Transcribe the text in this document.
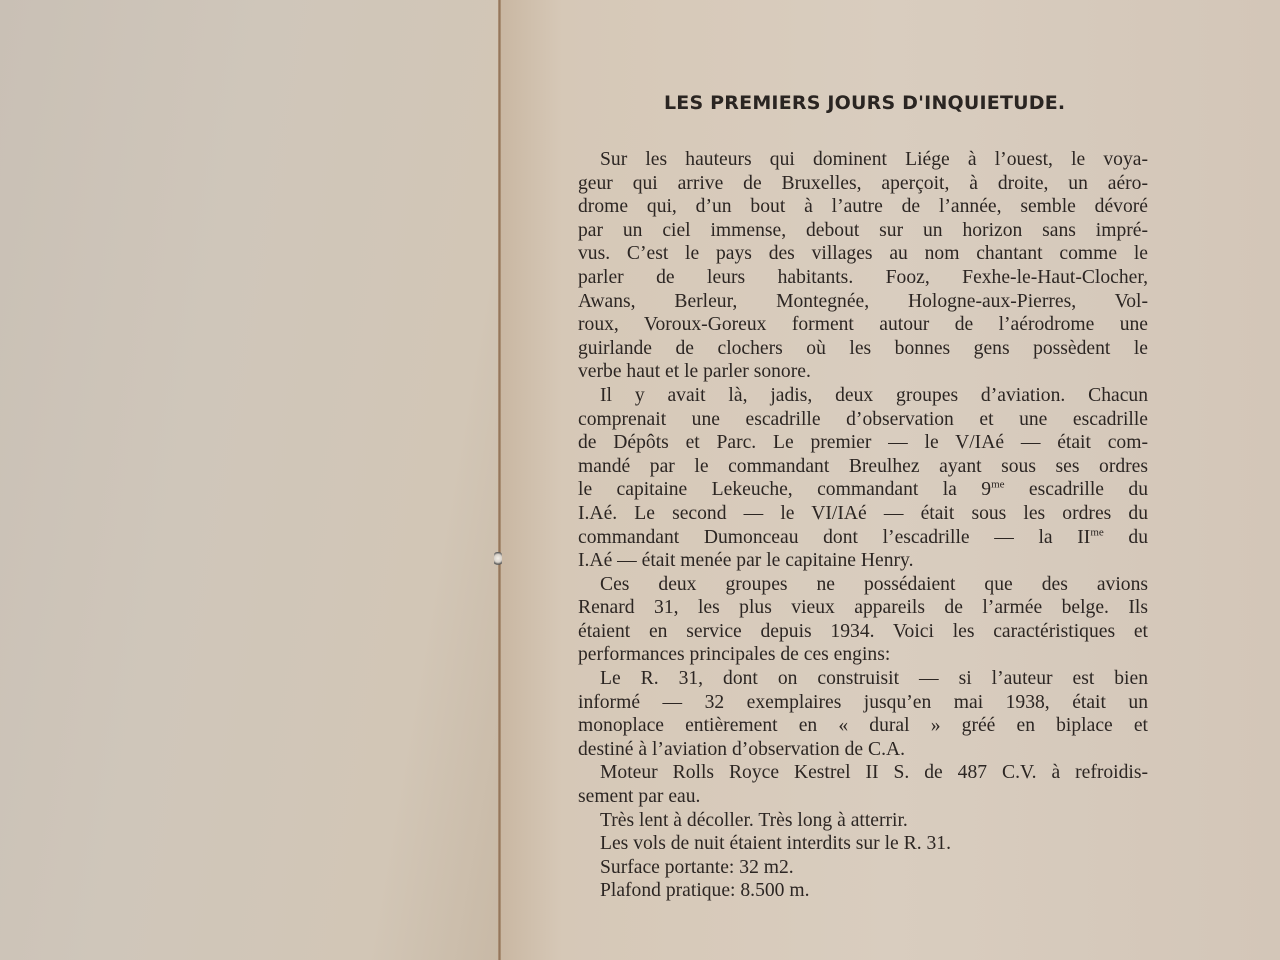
LES PREMIERS JOURS D'INQUIETUDE.
Sur les hauteurs qui dominent Liége à l’ouest, le voya-
geur qui arrive de Bruxelles, aperçoit, à droite, un aéro-
drome qui, d’un bout à l’autre de l’année, semble dévoré
par un ciel immense, debout sur un horizon sans impré-
vus. C’est le pays des villages au nom chantant comme le
parler de leurs habitants. Fooz, Fexhe-le-Haut-Clocher,
Awans, Berleur, Montegnée, Hologne-aux-Pierres, Vol-
roux, Voroux-Goreux forment autour de l’aérodrome une
guirlande de clochers où les bonnes gens possèdent le
verbe haut et le parler sonore.
Il y avait là, jadis, deux groupes d’aviation. Chacun
comprenait une escadrille d’observation et une escadrille
de Dépôts et Parc. Le premier — le V/IAé — était com-
mandé par le commandant Breulhez ayant sous ses ordres
le capitaine Lekeuche, commandant la $9^{me}$ escadrille du
I.Aé. Le second — le VI/IAé — était sous les ordres du
commandant Dumonceau dont l’escadrille — la $II^{me}$ du
I.Aé — était menée par le capitaine Henry.
Ces deux groupes ne possédaient que des avions
Renard 31, les plus vieux appareils de l’armée belge. Ils
étaient en service depuis 1934. Voici les caractéristiques et
performances principales de ces engins:
Le R. 31, dont on construisit — si l’auteur est bien
informé — 32 exemplaires jusqu’en mai 1938, était un
monoplace entièrement en « dural » gréé en biplace et
destiné à l’aviation d’observation de C.A.
Moteur Rolls Royce Kestrel II S. de 487 C.V. à refroidis-
sement par eau.
Très lent à décoller. Très long à atterrir.
Les vols de nuit étaient interdits sur le R. 31.
Surface portante: 32 m2.
Plafond pratique: 8.500 m.
